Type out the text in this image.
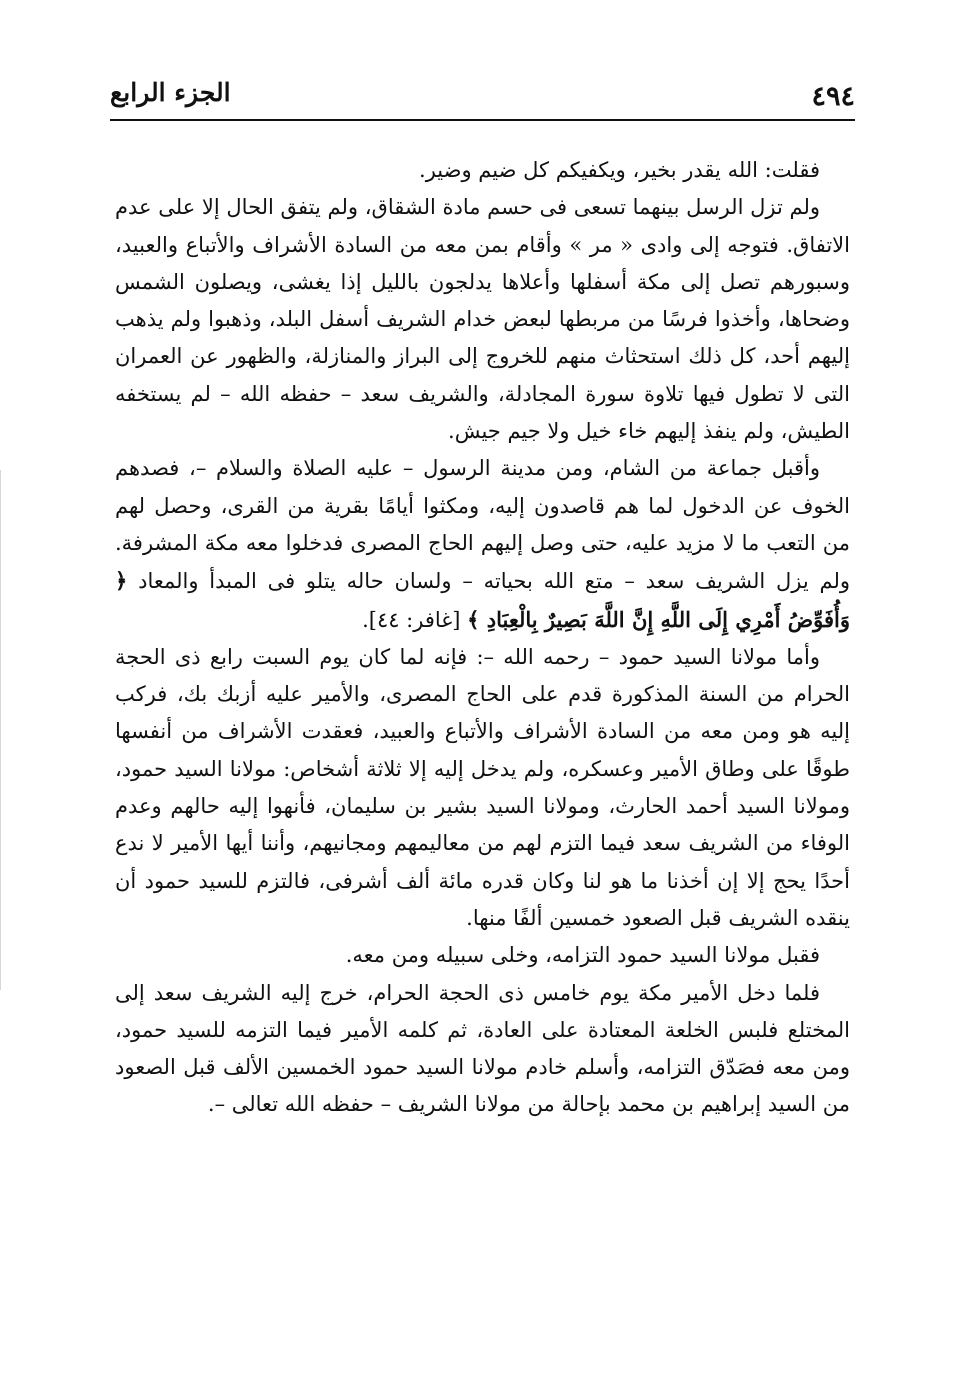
٤٩٤
الجزء الرابع

فقلت: الله يقدر بخير، ويكفيكم كل ضيم وضير.

ولم تزل الرسل بينهما تسعى فى حسم مادة الشقاق، ولم يتفق الحال إلا على عدم الاتفاق. فتوجه إلى وادى « مر » وأقام بمن معه من السادة الأشراف والأتباع والعبيد، وسبورهم تصل إلى مكة أسفلها وأعلاها يدلجون بالليل إذا يغشى، ويصلون الشمس وضحاها، وأخذوا فرسًا من مربطها لبعض خدام الشريف أسفل البلد، وذهبوا ولم يذهب إليهم أحد، كل ذلك استحثاث منهم للخروج إلى البراز والمنازلة، والظهور عن العمران التى لا تطول فيها تلاوة سورة المجادلة، والشريف سعد – حفظه الله – لم يستخفه الطيش، ولم ينفذ إليهم خاء خيل ولا جيم جيش.

وأقبل جماعة من الشام، ومن مدينة الرسول – عليه الصلاة والسلام –، فصدهم الخوف عن الدخول لما هم قاصدون إليه، ومكثوا أيامًا بقرية من القرى، وحصل لهم من التعب ما لا مزيد عليه، حتى وصل إليهم الحاج المصرى فدخلوا معه مكة المشرفة. ولم يزل الشريف سعد – متع الله بحياته – ولسان حاله يتلو فى المبدأ والمعاد ﴿ وَأُفَوِّضُ أَمْرِي إِلَى اللَّهِ إِنَّ اللَّهَ بَصِيرٌ بِالْعِبَادِ ﴾ [غافر: ٤٤].

وأما مولانا السيد حمود – رحمه الله –: فإنه لما كان يوم السبت رابع ذى الحجة الحرام من السنة المذكورة قدم على الحاج المصرى، والأمير عليه أزبك بك، فركب إليه هو ومن معه من السادة الأشراف والأتباع والعبيد، فعقدت الأشراف من أنفسها طوقًا على وطاق الأمير وعسكره، ولم يدخل إليه إلا ثلاثة أشخاص: مولانا السيد حمود، ومولانا السيد أحمد الحارث، ومولانا السيد بشير بن سليمان، فأنهوا إليه حالهم وعدم الوفاء من الشريف سعد فيما التزم لهم من معاليمهم ومجانيهم، وأننا أيها الأمير لا ندع أحدًا يحج إلا إن أخذنا ما هو لنا وكان قدره مائة ألف أشرفى، فالتزم للسيد حمود أن ينقده الشريف قبل الصعود خمسين ألفًا منها.

فقبل مولانا السيد حمود التزامه، وخلى سبيله ومن معه.

فلما دخل الأمير مكة يوم خامس ذى الحجة الحرام، خرج إليه الشريف سعد إلى المختلع فلبس الخلعة المعتادة على العادة، ثم كلمه الأمير فيما التزمه للسيد حمود، ومن معه فصَدّق التزامه، وأسلم خادم مولانا السيد حمود الخمسين الألف قبل الصعود من السيد إبراهيم بن محمد بإحالة من مولانا الشريف – حفظه الله تعالى –.
